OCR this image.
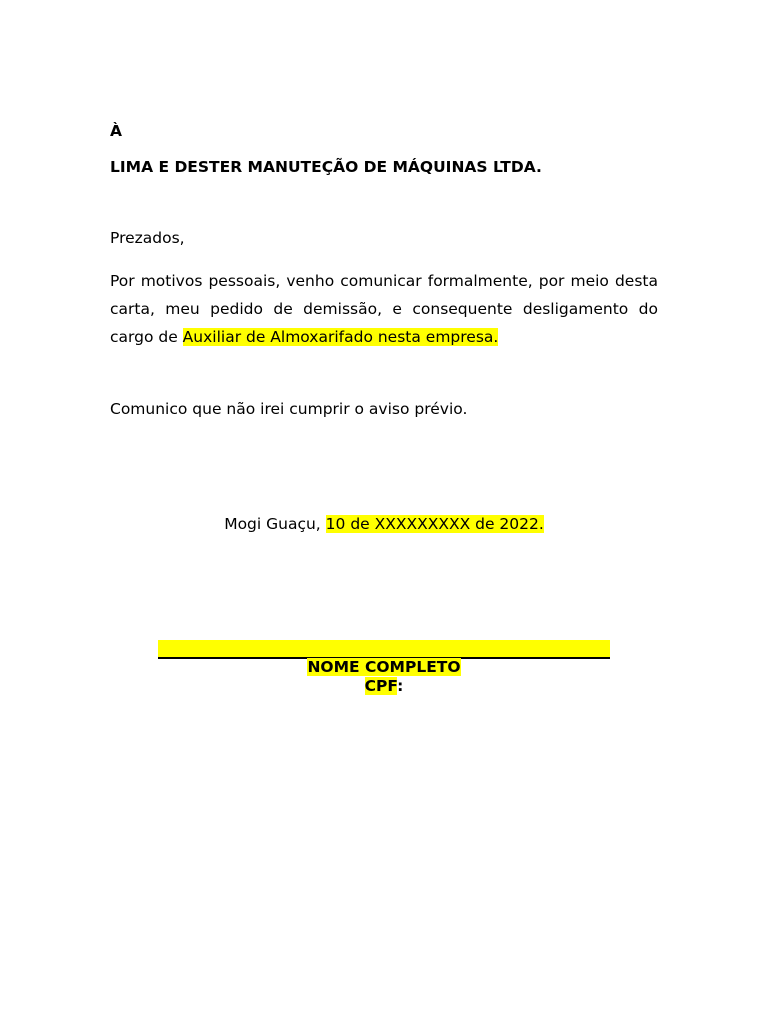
À
LIMA E DESTER MANUTEÇÃO DE MÁQUINAS LTDA.
Prezados,
Por motivos pessoais, venho comunicar formalmente, por meio desta carta, meu pedido de demissão, e consequente desligamento do cargo de Auxiliar de Almoxarifado nesta empresa.
Comunico que não irei cumprir o aviso prévio.
Mogi Guaçu, 10 de XXXXXXXXX de 2022.
NOME COMPLETO
CPF:
